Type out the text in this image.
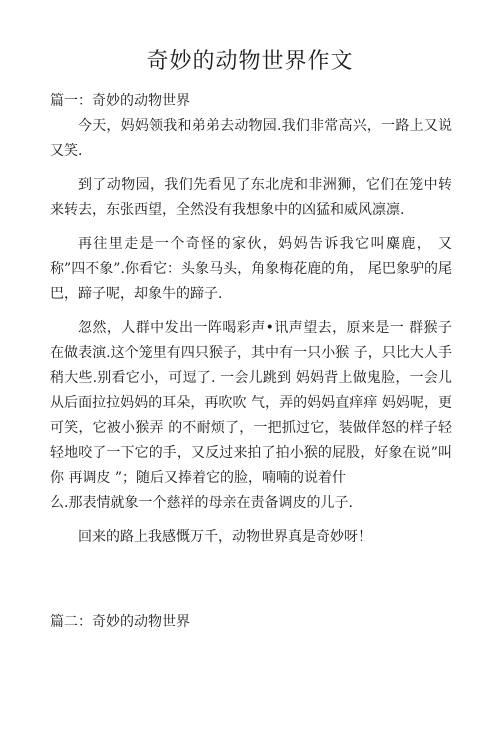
奇妙的动物世界作文
篇一：奇妙的动物世界

今天，妈妈领我和弟弟去动物园.我们非常高兴，一路上又说又笑.

到了动物园，我们先看见了东北虎和非洲狮，它们在笼中转来转去，东张西望，全然没有我想象中的凶猛和威风凛凛.

再往里走是一个奇怪的家伙，妈妈告诉我它叫麋鹿， 又称”四不象”.你看它：头象马头，角象梅花鹿的角， 尾巴象驴的尾巴，蹄子呢，却象牛的蹄子.

忽然，人群中发出一阵喝彩声•讯声望去，原来是一 群猴子在做表演.这个笼里有四只猴子，其中有一只小猴 子，只比大人手稍大些.别看它小，可逗了. 一会儿跳到 妈妈背上做鬼脸，一会儿从后面拉拉妈妈的耳朵，再吹吹 气，弄的妈妈直痒痒 妈妈呢，更可笑，它被小猴弄 的不耐烦了，一把抓过它，装做佯怒的样子轻轻地咬了一下它的手，又反过来拍了拍小猴的屁股，好象在说”叫你 再调皮 ”；随后又捧着它的脸，喃喃的说着什

么.那表情就象一个慈祥的母亲在责备调皮的儿子.

回来的路上我感慨万千，动物世界真是奇妙呀！

篇二：奇妙的动物世界
